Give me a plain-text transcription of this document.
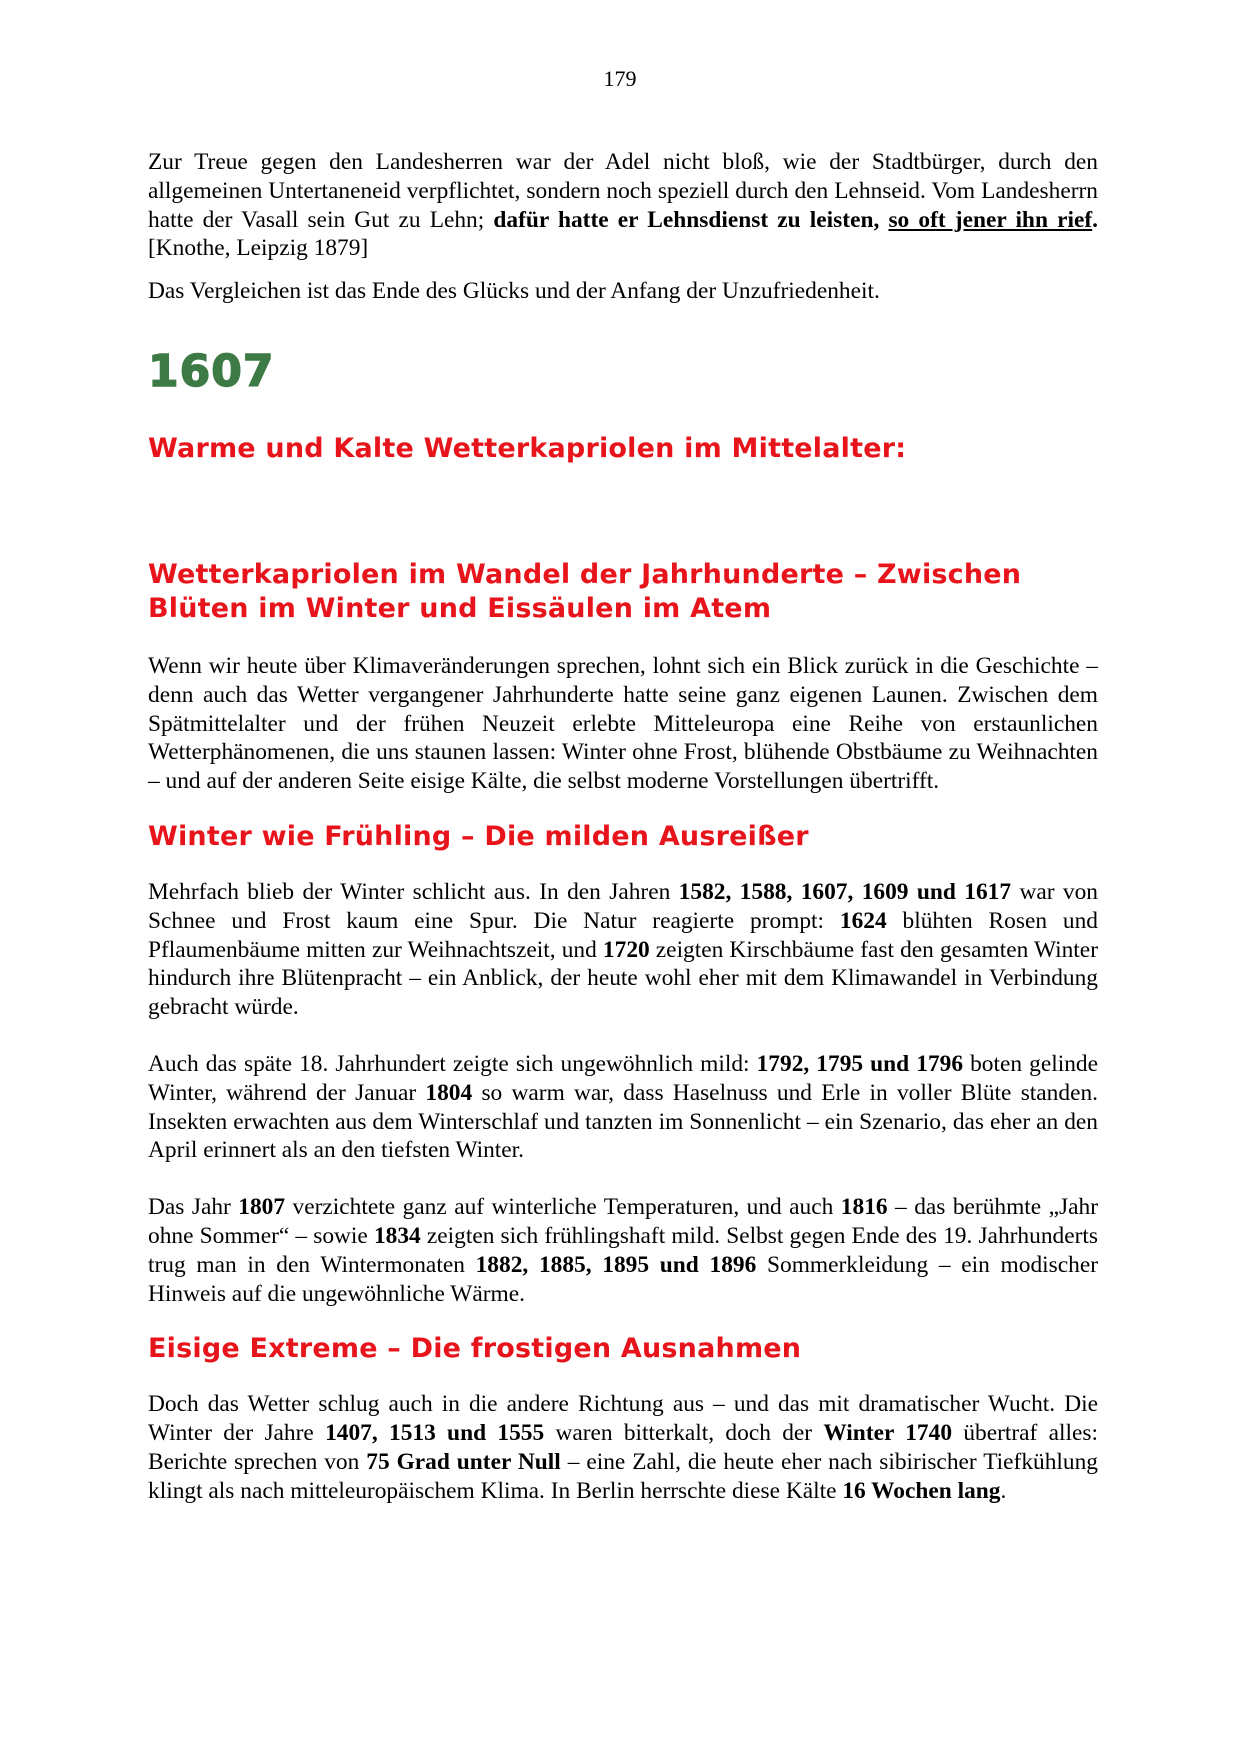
179

Zur Treue gegen den Landesherren war der Adel nicht bloß, wie der Stadtbürger, durch den allgemeinen Untertaneneid verpflichtet, sondern noch speziell durch den Lehnseid. Vom Landesherrn hatte der Vasall sein Gut zu Lehn; dafür hatte er Lehnsdienst zu leisten, so oft jener ihn rief. [Knothe, Leipzig 1879]

Das Vergleichen ist das Ende des Glücks und der Anfang der Unzufriedenheit.

1607
Warme und Kalte Wetterkapriolen im Mittelalter:
Wetterkapriolen im Wandel der Jahrhunderte – Zwischen Blüten im Winter und Eissäulen im Atem

Wenn wir heute über Klimaveränderungen sprechen, lohnt sich ein Blick zurück in die Geschichte – denn auch das Wetter vergangener Jahrhunderte hatte seine ganz eigenen Launen. Zwischen dem Spätmittelalter und der frühen Neuzeit erlebte Mitteleuropa eine Reihe von erstaunlichen Wetterphänomenen, die uns staunen lassen: Winter ohne Frost, blühende Obstbäume zu Weihnachten – und auf der anderen Seite eisige Kälte, die selbst moderne Vorstellungen übertrifft.

Winter wie Frühling – Die milden Ausreißer

Mehrfach blieb der Winter schlicht aus. In den Jahren 1582, 1588, 1607, 1609 und 1617 war von Schnee und Frost kaum eine Spur. Die Natur reagierte prompt: 1624 blühten Rosen und Pflaumenbäume mitten zur Weihnachtszeit, und 1720 zeigten Kirschbäume fast den gesamten Winter hindurch ihre Blütenpracht – ein Anblick, der heute wohl eher mit dem Klimawandel in Verbindung gebracht würde.

Auch das späte 18. Jahrhundert zeigte sich ungewöhnlich mild: 1792, 1795 und 1796 boten gelinde Winter, während der Januar 1804 so warm war, dass Haselnuss und Erle in voller Blüte standen. Insekten erwachten aus dem Winterschlaf und tanzten im Sonnenlicht – ein Szenario, das eher an den April erinnert als an den tiefsten Winter.

Das Jahr 1807 verzichtete ganz auf winterliche Temperaturen, und auch 1816 – das berühmte „Jahr ohne Sommer“ – sowie 1834 zeigten sich frühlingshaft mild. Selbst gegen Ende des 19. Jahrhunderts trug man in den Wintermonaten 1882, 1885, 1895 und 1896 Sommerkleidung – ein modischer Hinweis auf die ungewöhnliche Wärme.

Eisige Extreme – Die frostigen Ausnahmen

Doch das Wetter schlug auch in die andere Richtung aus – und das mit dramatischer Wucht. Die Winter der Jahre 1407, 1513 und 1555 waren bitterkalt, doch der Winter 1740 übertraf alles: Berichte sprechen von 75 Grad unter Null – eine Zahl, die heute eher nach sibirischer Tiefkühlung klingt als nach mitteleuropäischem Klima. In Berlin herrschte diese Kälte 16 Wochen lang.
